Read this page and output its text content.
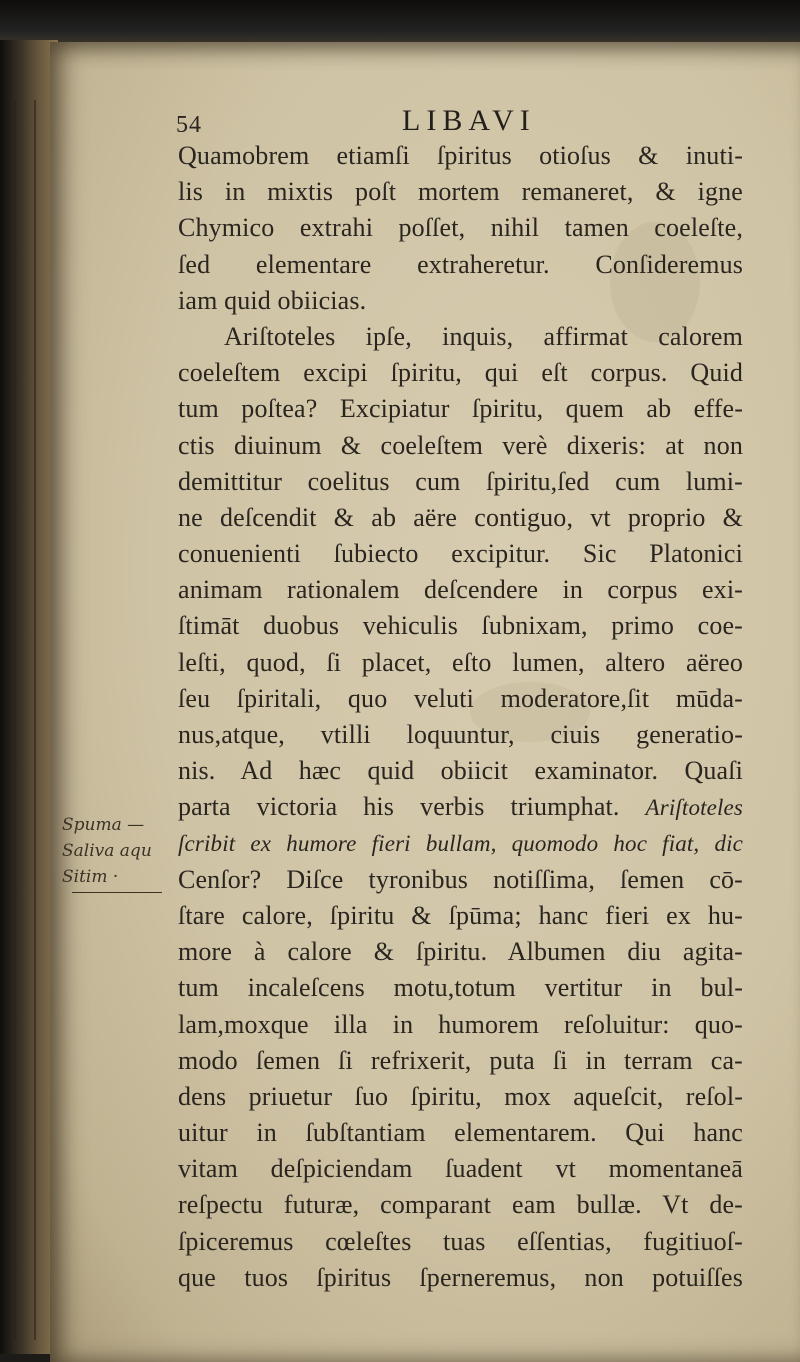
54	LIBAVI
Quamobrem etiamſi ſpiritus otioſus & inuti-
lis in mixtis poſt mortem remaneret, & igne
Chymico extrahi poſſet, nihil tamen coeleſte,
ſed elementare extraheretur. Conſideremus
iam quid obiicias.
Ariſtoteles ipſe, inquis, affirmat calorem
coeleſtem excipi ſpiritu, qui eſt corpus. Quid
tum poſtea? Excipiatur ſpiritu, quem ab effe-
ctis diuinum & coeleſtem verè dixeris: at non
demittitur coelitus cum ſpiritu,ſed cum lumi-
ne deſcendit & ab aëre contiguo, vt proprio &
conuenienti ſubiecto excipitur. Sic Platonici
animam rationalem deſcendere in corpus exi-
ſtimāt duobus vehiculis ſubnixam, primo coe-
leſti, quod, ſi placet, eſto lumen, altero aëreo
ſeu ſpiritali, quo veluti moderatore,ſit mūda-
nus,atque, vtilli loquuntur, ciuis generatio-
nis. Ad hæc quid obiicit examinator. Quaſi
parta victoria his verbis triumphat. Ariſtoteles
ſcribit ex humore fieri bullam, quomodo hoc fiat, dic
Cenſor? Diſce tyronibus notiſſima, ſemen cō-
ſtare calore, ſpiritu & ſpūma; hanc fieri ex hu-
more à calore & ſpiritu. Albumen diu agita-
tum incaleſcens motu,totum vertitur in bul-
lam,moxque illa in humorem reſoluitur: quo-
modo ſemen ſi refrixerit, puta ſi in terram ca-
dens priuetur ſuo ſpiritu, mox aqueſcit, reſol-
uitur in ſubſtantiam elementarem. Qui hanc
vitam deſpiciendam ſuadent vt momentaneā
reſpectu futuræ, comparant eam bullæ. Vt de-
ſpiceremus cœleſtes tuas eſſentias, fugitiuoſ-
que tuos ſpiritus ſperneremus, non potuiſſes
Spuma —
Saliva aqu
Sitim ·
